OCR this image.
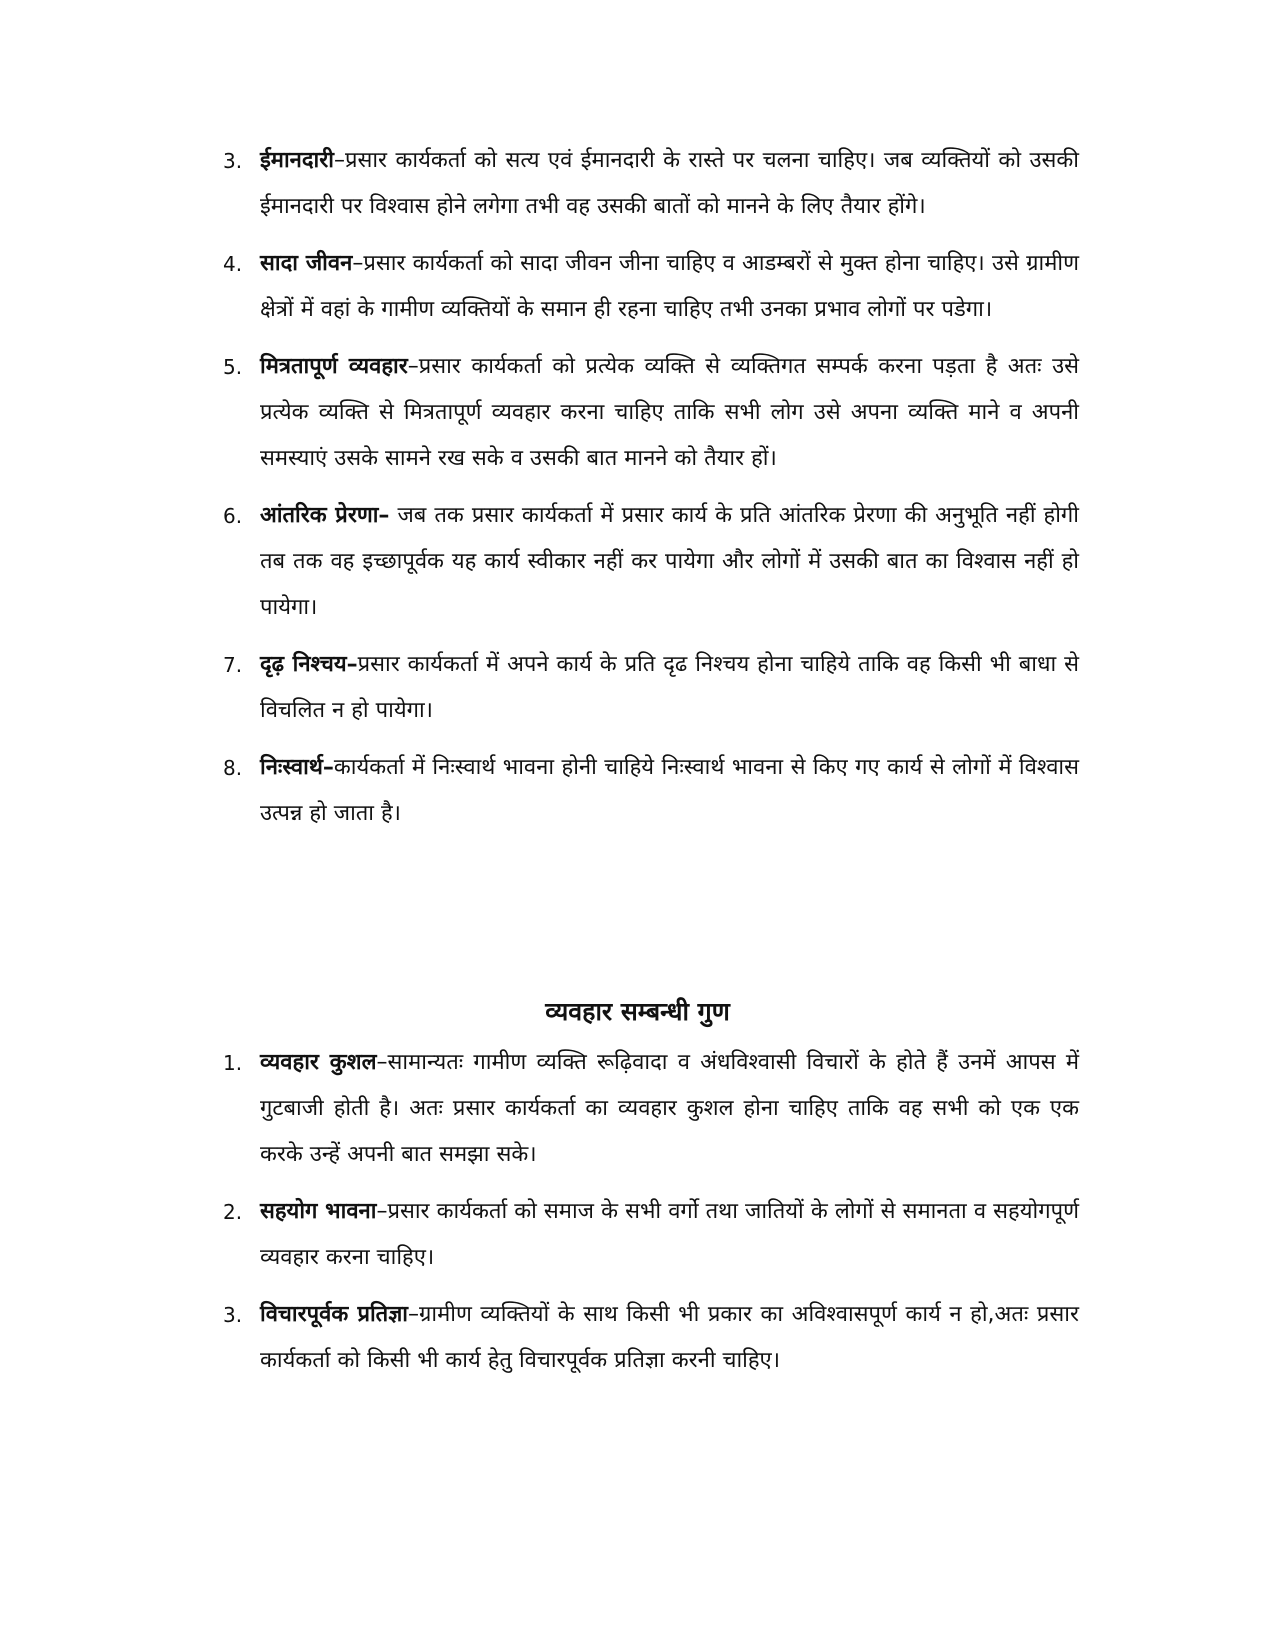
3. ईमानदारी–प्रसार कार्यकर्ता को सत्य एवं ईमानदारी के रास्ते पर चलना चाहिए। जब व्यक्तियों को उसकी ईमानदारी पर विश्वास होने लगेगा तभी वह उसकी बातों को मानने के लिए तैयार होंगे।
4. सादा जीवन–प्रसार कार्यकर्ता को सादा जीवन जीना चाहिए व आडम्बरों से मुक्त होना चाहिए। उसे ग्रामीण क्षेत्रों में वहां के गामीण व्यक्तियों के समान ही रहना चाहिए तभी उनका प्रभाव लोगों पर पडेगा।
5. मित्रतापूर्ण व्यवहार–प्रसार कार्यकर्ता को प्रत्येक व्यक्ति से व्यक्तिगत सम्पर्क करना पड़ता है अतः उसे प्रत्येक व्यक्ति से मित्रतापूर्ण व्यवहार करना चाहिए ताकि सभी लोग उसे अपना व्यक्ति माने व अपनी समस्याएं उसके सामने रख सके व उसकी बात मानने को तैयार हों।
6. आंतरिक प्रेरणा– जब तक प्रसार कार्यकर्ता में प्रसार कार्य के प्रति आंतरिक प्रेरणा की अनुभूति नहीं होगी तब तक वह इच्छापूर्वक यह कार्य स्वीकार नहीं कर पायेगा और लोगों में उसकी बात का विश्वास नहीं हो पायेगा।
7. दृढ़ निश्चय–प्रसार कार्यकर्ता में अपने कार्य के प्रति दृढ निश्चय होना चाहिये ताकि वह किसी भी बाधा से विचलित न हो पायेगा।
8. निःस्वार्थ–कार्यकर्ता में निःस्वार्थ भावना होनी चाहिये निःस्वार्थ भावना से किए गए कार्य से लोगों में विश्वास उत्पन्न हो जाता है।
व्यवहार सम्बन्धी गुण
1. व्यवहार कुशल–सामान्यतः गामीण व्यक्ति रूढ़िवादा व अंधविश्वासी विचारों के होते हैं उनमें आपस में गुटबाजी होती है। अतः प्रसार कार्यकर्ता का व्यवहार कुशल होना चाहिए ताकि वह सभी को एक एक करके उन्हें अपनी बात समझा सके।
2. सहयोग भावना–प्रसार कार्यकर्ता को समाज के सभी वर्गो तथा जातियों के लोगों से समानता व सहयोगपूर्ण व्यवहार करना चाहिए।
3. विचारपूर्वक प्रतिज्ञा–ग्रामीण व्यक्तियों के साथ किसी भी प्रकार का अविश्वासपूर्ण कार्य न हो,अतः प्रसार कार्यकर्ता को किसी भी कार्य हेतु विचारपूर्वक प्रतिज्ञा करनी चाहिए।
